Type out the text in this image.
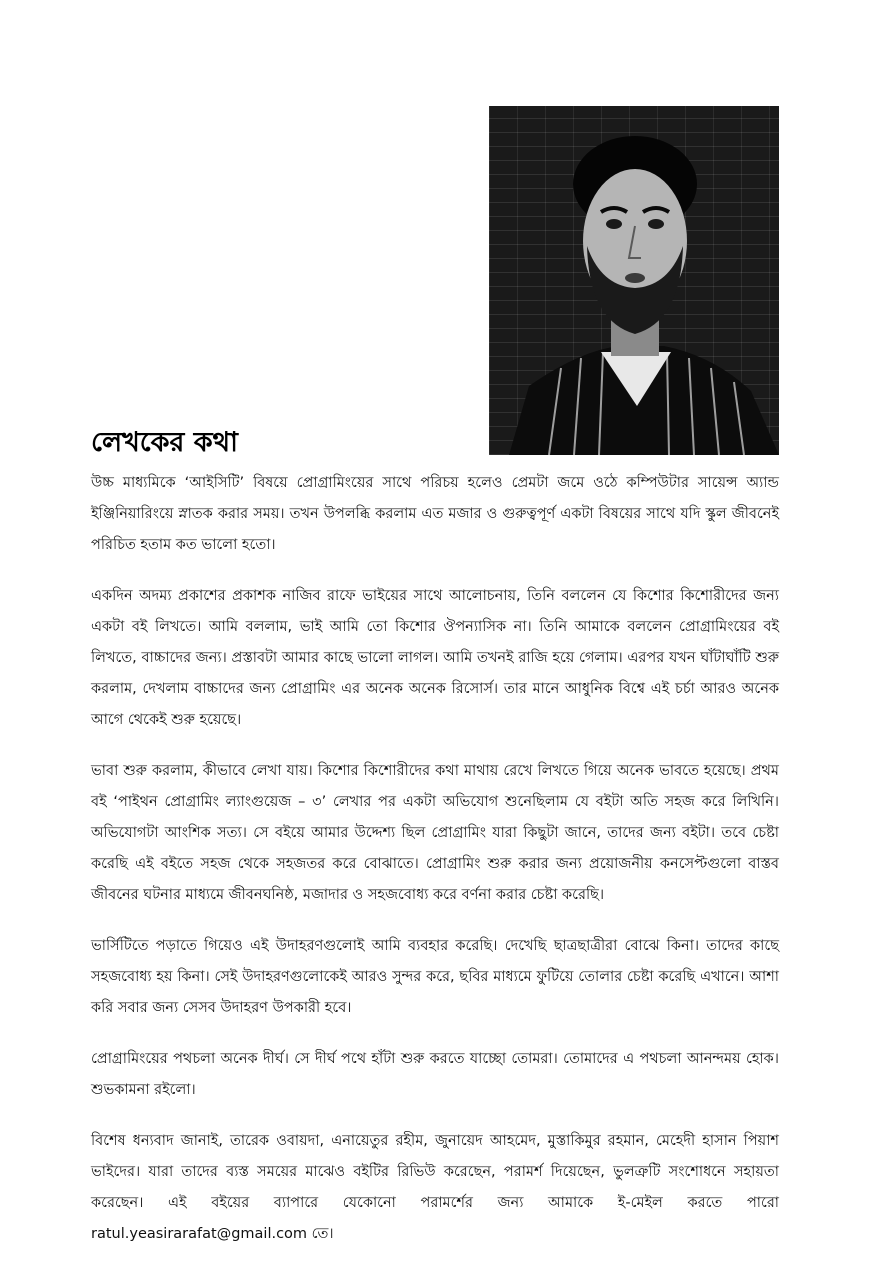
লেখকের কথা

উচ্চ মাধ্যমিকে ‘আইসিটি’ বিষয়ে প্রোগ্রামিংয়ের সাথে পরিচয় হলেও প্রেমটা জমে ওঠে কম্পিউটার সায়েন্স অ্যান্ড ইঞ্জিনিয়ারিংয়ে স্নাতক করার সময়। তখন উপলব্ধি করলাম এত মজার ও গুরুত্বপূর্ণ একটা বিষয়ের সাথে যদি স্কুল জীবনেই পরিচিত হতাম কত ভালো হতো।

একদিন অদম্য প্রকাশের প্রকাশক নাজিব রাফে ভাইয়ের সাথে আলোচনায়, তিনি বললেন যে কিশোর কিশোরীদের জন্য একটা বই লিখতে। আমি বললাম, ভাই আমি তো কিশোর ঔপন্যাসিক না। তিনি আমাকে বললেন প্রোগ্রামিংয়ের বই লিখতে, বাচ্চাদের জন্য। প্রস্তাবটা আমার কাছে ভালো লাগল। আমি তখনই রাজি হয়ে গেলাম। এরপর যখন ঘাঁটাঘাঁটি শুরু করলাম, দেখলাম বাচ্চাদের জন্য প্রোগ্রামিং এর অনেক অনেক রিসোর্স। তার মানে আধুনিক বিশ্বে এই চর্চা আরও অনেক আগে থেকেই শুরু হয়েছে।

ভাবা শুরু করলাম, কীভাবে লেখা যায়। কিশোর কিশোরীদের কথা মাথায় রেখে লিখতে গিয়ে অনেক ভাবতে হয়েছে। প্রথম বই ‘পাইথন প্রোগ্রামিং ল্যাংগুয়েজ – ৩’ লেখার পর একটা অভিযোগ শুনেছিলাম যে বইটা অতি সহজ করে লিখিনি। অভিযোগটা আংশিক সত্য। সে বইয়ে আমার উদ্দেশ্য ছিল প্রোগ্রামিং যারা কিছুটা জানে, তাদের জন্য বইটা। তবে চেষ্টা করেছি এই বইতে সহজ থেকে সহজতর করে বোঝাতে। প্রোগ্রামিং শুরু করার জন্য প্রয়োজনীয় কনসেপ্টগুলো বাস্তব জীবনের ঘটনার মাধ্যমে জীবনঘনিষ্ঠ, মজাদার ও সহজবোধ্য করে বর্ণনা করার চেষ্টা করেছি।

ভার্সিটিতে পড়াতে গিয়েও এই উদাহরণগুলোই আমি ব্যবহার করেছি। দেখেছি ছাত্রছাত্রীরা বোঝে কিনা। তাদের কাছে সহজবোধ্য হয় কিনা। সেই উদাহরণগুলোকেই আরও সুন্দর করে, ছবির মাধ্যমে ফুটিয়ে তোলার চেষ্টা করেছি এখানে। আশা করি সবার জন্য সেসব উদাহরণ উপকারী হবে।

প্রোগ্রামিংয়ের পথচলা অনেক দীর্ঘ। সে দীর্ঘ পথে হাঁটা শুরু করতে যাচ্ছো তোমরা। তোমাদের এ পথচলা আনন্দময় হোক। শুভকামনা রইলো।

বিশেষ ধন্যবাদ জানাই, তারেক ওবায়দা, এনায়েতুর রহীম, জুনায়েদ আহমেদ, মুস্তাকিমুর রহমান, মেহেদী হাসান পিয়াশ ভাইদের। যারা তাদের ব্যস্ত সময়ের মাঝেও বইটির রিভিউ করেছেন, পরামর্শ দিয়েছেন, ভুলত্রুটি সংশোধনে সহায়তা করেছেন। এই বইয়ের ব্যাপারে যেকোনো পরামর্শের জন্য আমাকে ই-মেইল করতে পারো ratul.yeasirarafat@gmail.com তে।
